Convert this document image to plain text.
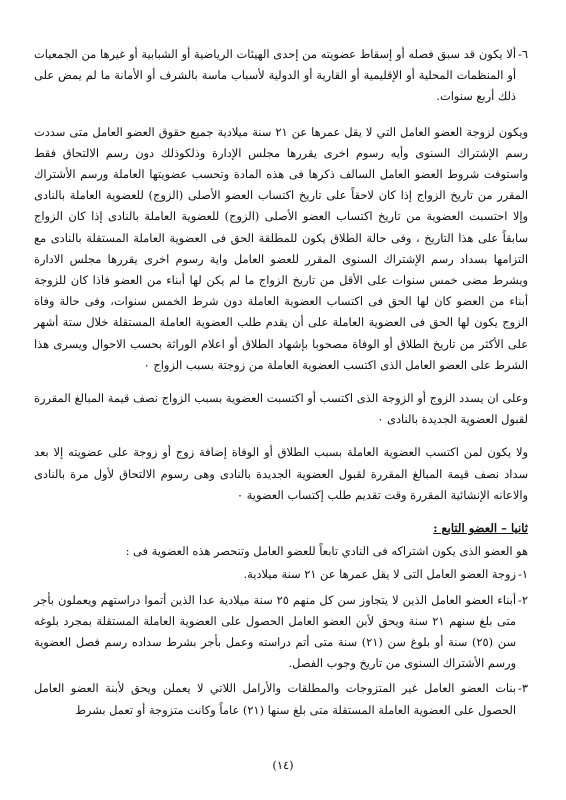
٦-
ألا يكون قد سبق فصله أو إسقاط عضويته من إحدى الهيئات الرياضية أو الشبابية أو غيرها من الجمعيات أو المنظمات المحلية أو الإقليمية أو القارية أو الدولية لأسباب ماسة بالشرف أو الأمانة ما لم يمض على ذلك أربع سنوات.

ويكون لزوجة العضو العامل التي لا يقل عمرها عن ٢١ سنة ميلادية جميع حقوق العضو العامل متى سددت رسم الإشتراك السنوى وأيه رسوم اخرى يقررها مجلس الإدارة وذلكوذلك دون رسم الالتحاق فقط واستوفت شروط العضو العامل السالف ذكرها فى هذه المادة وتحسب عضويتها العاملة ورسم الأشتراك المقرر من تاريخ الزواج إذا كان لاحقاً على تاريخ اكتساب العضو الأصلى (الزوج) للعضوية العاملة بالنادى وإلا احتسبت العضوية من تاريخ اكتساب العضو الأصلى (الزوج) للعضوية العاملة بالنادى إذا كان الزواج سابقاً على هذا التاريخ ، وفى حالة الطلاق يكون للمطلقة الحق فى العضوية العاملة المستقلة بالنادى مع التزامها بسداد رسم الإشتراك السنوى المقرر للعضو العامل واية رسوم اخرى يقررها مجلس الادارة ويشرط مضى خمس سنوات على الأقل من تاريخ الزواج ما لم يكن لها أبناء من العضو فاذا كان للزوجة أبناء من العضو كان لها الحق فى اكتساب العضوية العاملة دون شرط الخمس سنوات، وفى حالة وفاة الزوج يكون لها الحق فى العضوية العاملة على أن يقدم طلب العضوية العاملة المستقلة خلال ستة أشهر على الأكثر من تاريخ الطلاق أو الوفاة مصحوبا بإشهاد الطلاق أو اعلام الوراثة بحسب الاحوال ويسرى هذا الشرط على العضو العامل الذى اكتسب العضوية العاملة من زوجتة بسبب الزواج ٠

وعلى ان يسدد الزوج أو الزوجة الذى اكتسب أو اكتسبت العضوية بسبب الزواج نصف قيمة المبالغ المقررة لقبول العضوية الجديدة بالنادى ٠

ولا يكون لمن اكتسب العضوية العاملة بسبب الطلاق أو الوفاة إضافة زوج أو زوجة على عضويته إلا بعد سداد نصف قيمة المبالغ المقررة لقبول العضوية الجديدة بالنادى وهى رسوم الالتحاق لأول مرة بالنادى والاعانه الإنشائية المقررة وقت تقديم طلب إكتساب العضوية ٠

ثانيا – العضو التابع :

هو العضو الذى يكون اشتراكه فى النادي تابعاً للعضو العامل وتنحصر هذه العضوية فى :

١-
زوجة العضو العامل التى لا يقل عمرها عن ٢١ سنة ميلادية.
٢-
أبناء العضو العامل الذين لا يتجاوز سن كل منهم ٢٥ سنة ميلادية عدا الذين أتموا دراستهم ويعملون بأجر متى بلغ سنهم ٢١ سنة ويحق لأبن العضو العامل الحصول على العضوية العاملة المستقلة بمجرد بلوغه سن (٢٥) سنة أو بلوغ سن (٢١) سنة متى أتم دراسته وعمل بأجر بشرط سداده رسم فصل العضوية ورسم الأشتراك السنوى من تاريخ وجوب الفصل.
٣-
بنات العضو العامل غير المتزوجات والمطلقات والأرامل اللاتي لا يعملن ويحق لأبنة العضو العامل الحصول على العضوية العاملة المستقلة متى بلغ سنها (٢١) عاماً وكانت متزوجة أو تعمل بشرط
(١٤)
